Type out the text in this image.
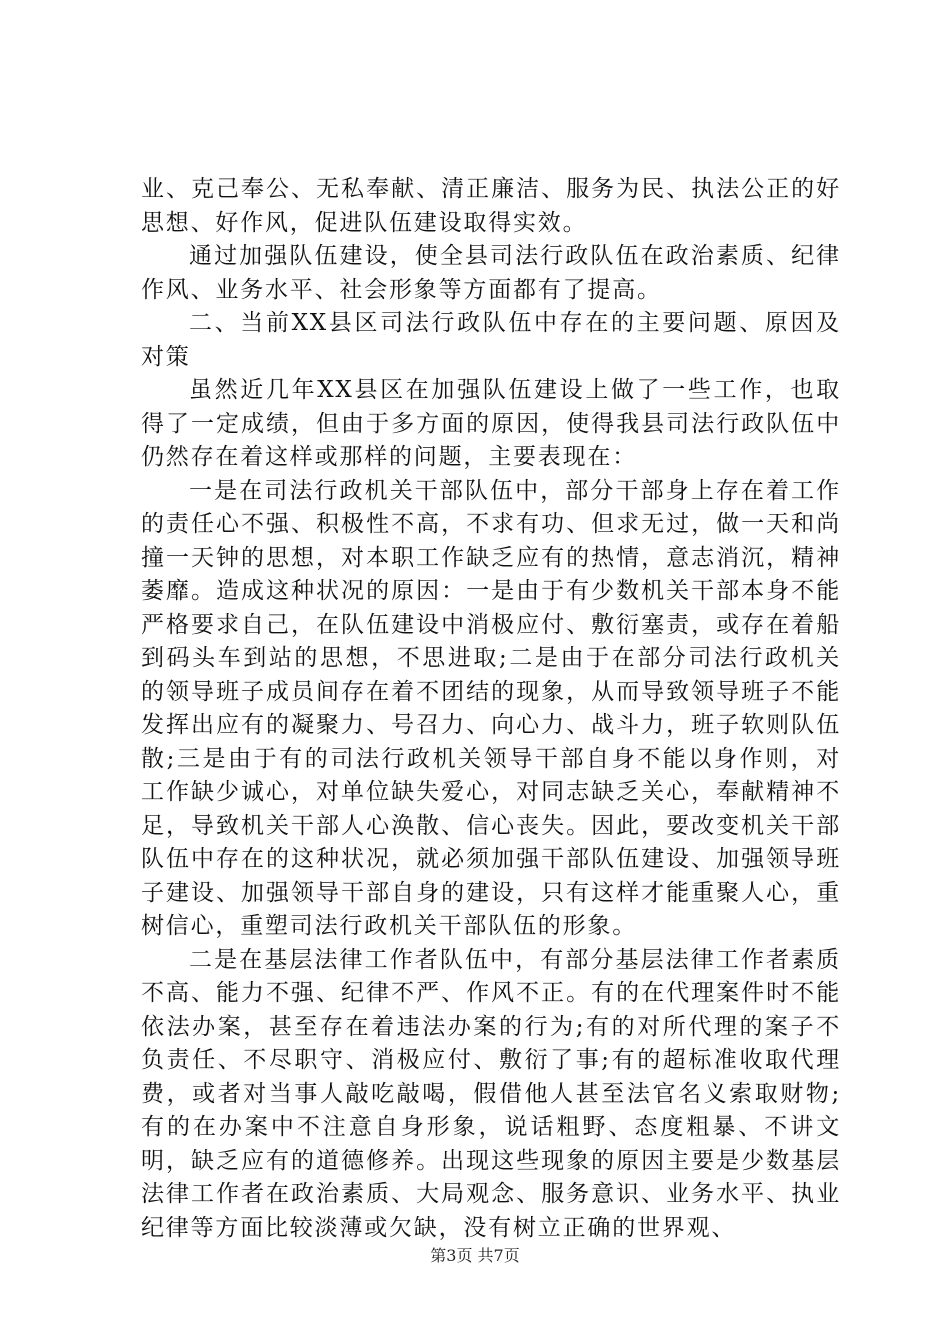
业、克己奉公、无私奉献、清正廉洁、服务为民、执法公正的好思想、好作风，促进队伍建设取得实效。

通过加强队伍建设，使全县司法行政队伍在政治素质、纪律作风、业务水平、社会形象等方面都有了提高。

二、当前XX县区司法行政队伍中存在的主要问题、原因及对策

虽然近几年XX县区在加强队伍建设上做了一些工作，也取得了一定成绩，但由于多方面的原因，使得我县司法行政队伍中仍然存在着这样或那样的问题，主要表现在：

一是在司法行政机关干部队伍中，部分干部身上存在着工作的责任心不强、积极性不高，不求有功、但求无过，做一天和尚撞一天钟的思想，对本职工作缺乏应有的热情，意志消沉，精神萎靡。造成这种状况的原因：一是由于有少数机关干部本身不能严格要求自己，在队伍建设中消极应付、敷衍塞责，或存在着船到码头车到站的思想，不思进取;二是由于在部分司法行政机关的领导班子成员间存在着不团结的现象，从而导致领导班子不能发挥出应有的凝聚力、号召力、向心力、战斗力，班子软则队伍散;三是由于有的司法行政机关领导干部自身不能以身作则，对工作缺少诚心，对单位缺失爱心，对同志缺乏关心，奉献精神不足，导致机关干部人心涣散、信心丧失。因此，要改变机关干部队伍中存在的这种状况，就必须加强干部队伍建设、加强领导班子建设、加强领导干部自身的建设，只有这样才能重聚人心，重树信心，重塑司法行政机关干部队伍的形象。

二是在基层法律工作者队伍中，有部分基层法律工作者素质不高、能力不强、纪律不严、作风不正。有的在代理案件时不能依法办案，甚至存在着违法办案的行为;有的对所代理的案子不负责任、不尽职守、消极应付、敷衍了事;有的超标准收取代理费，或者对当事人敲吃敲喝，假借他人甚至法官名义索取财物;有的在办案中不注意自身形象，说话粗野、态度粗暴、不讲文明，缺乏应有的道德修养。出现这些现象的原因主要是少数基层法律工作者在政治素质、大局观念、服务意识、业务水平、执业纪律等方面比较淡薄或欠缺，没有树立正确的世界观、

第3页 共7页
